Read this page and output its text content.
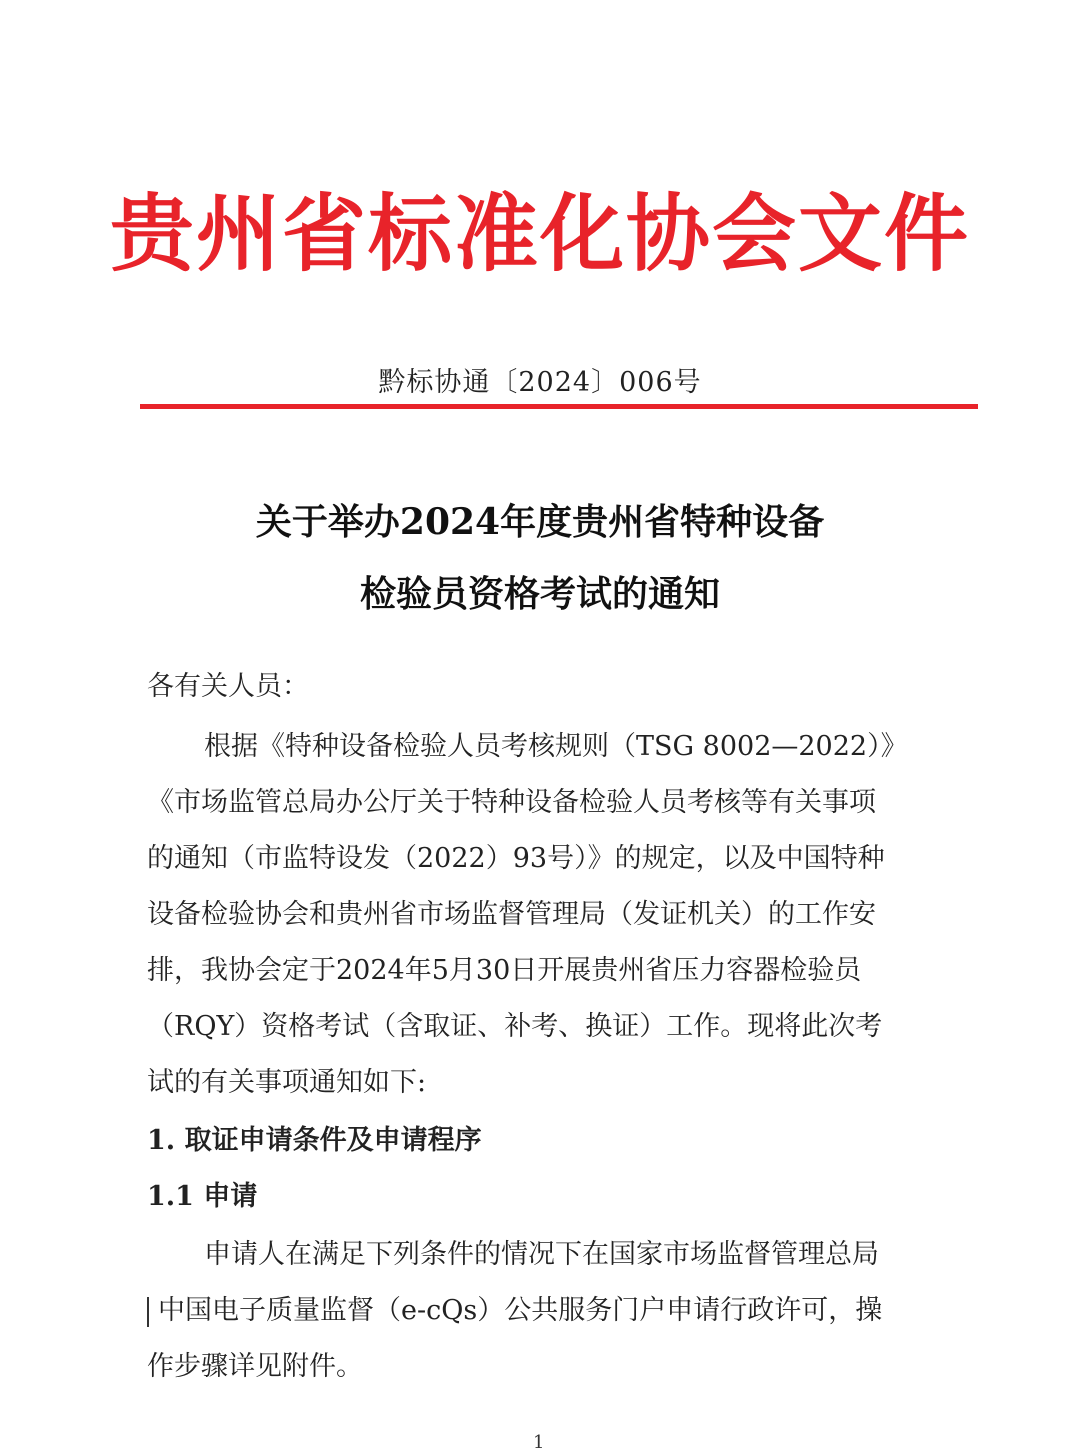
贵州省标准化协会文件
黔标协通〔2024〕006号
关于举办2024年度贵州省特种设备
检验员资格考试的通知
各有关人员：
根据《特种设备检验人员考核规则（TSG 8002—2022）》
《市场监管总局办公厅关于特种设备检验人员考核等有关事项
的通知（市监特设发（2022）93号）》的规定，以及中国特种
设备检验协会和贵州省市场监督管理局（发证机关）的工作安
排，我协会定于2024年5月30日开展贵州省压力容器检验员
（RQY）资格考试（含取证、补考、换证）工作。现将此次考
试的有关事项通知如下:
1. 取证申请条件及申请程序
1.1 申请
申请人在满足下列条件的情况下在国家市场监督管理总局
中国电子质量监督（e-cQs）公共服务门户申请行政许可，操
作步骤详见附件。
1
